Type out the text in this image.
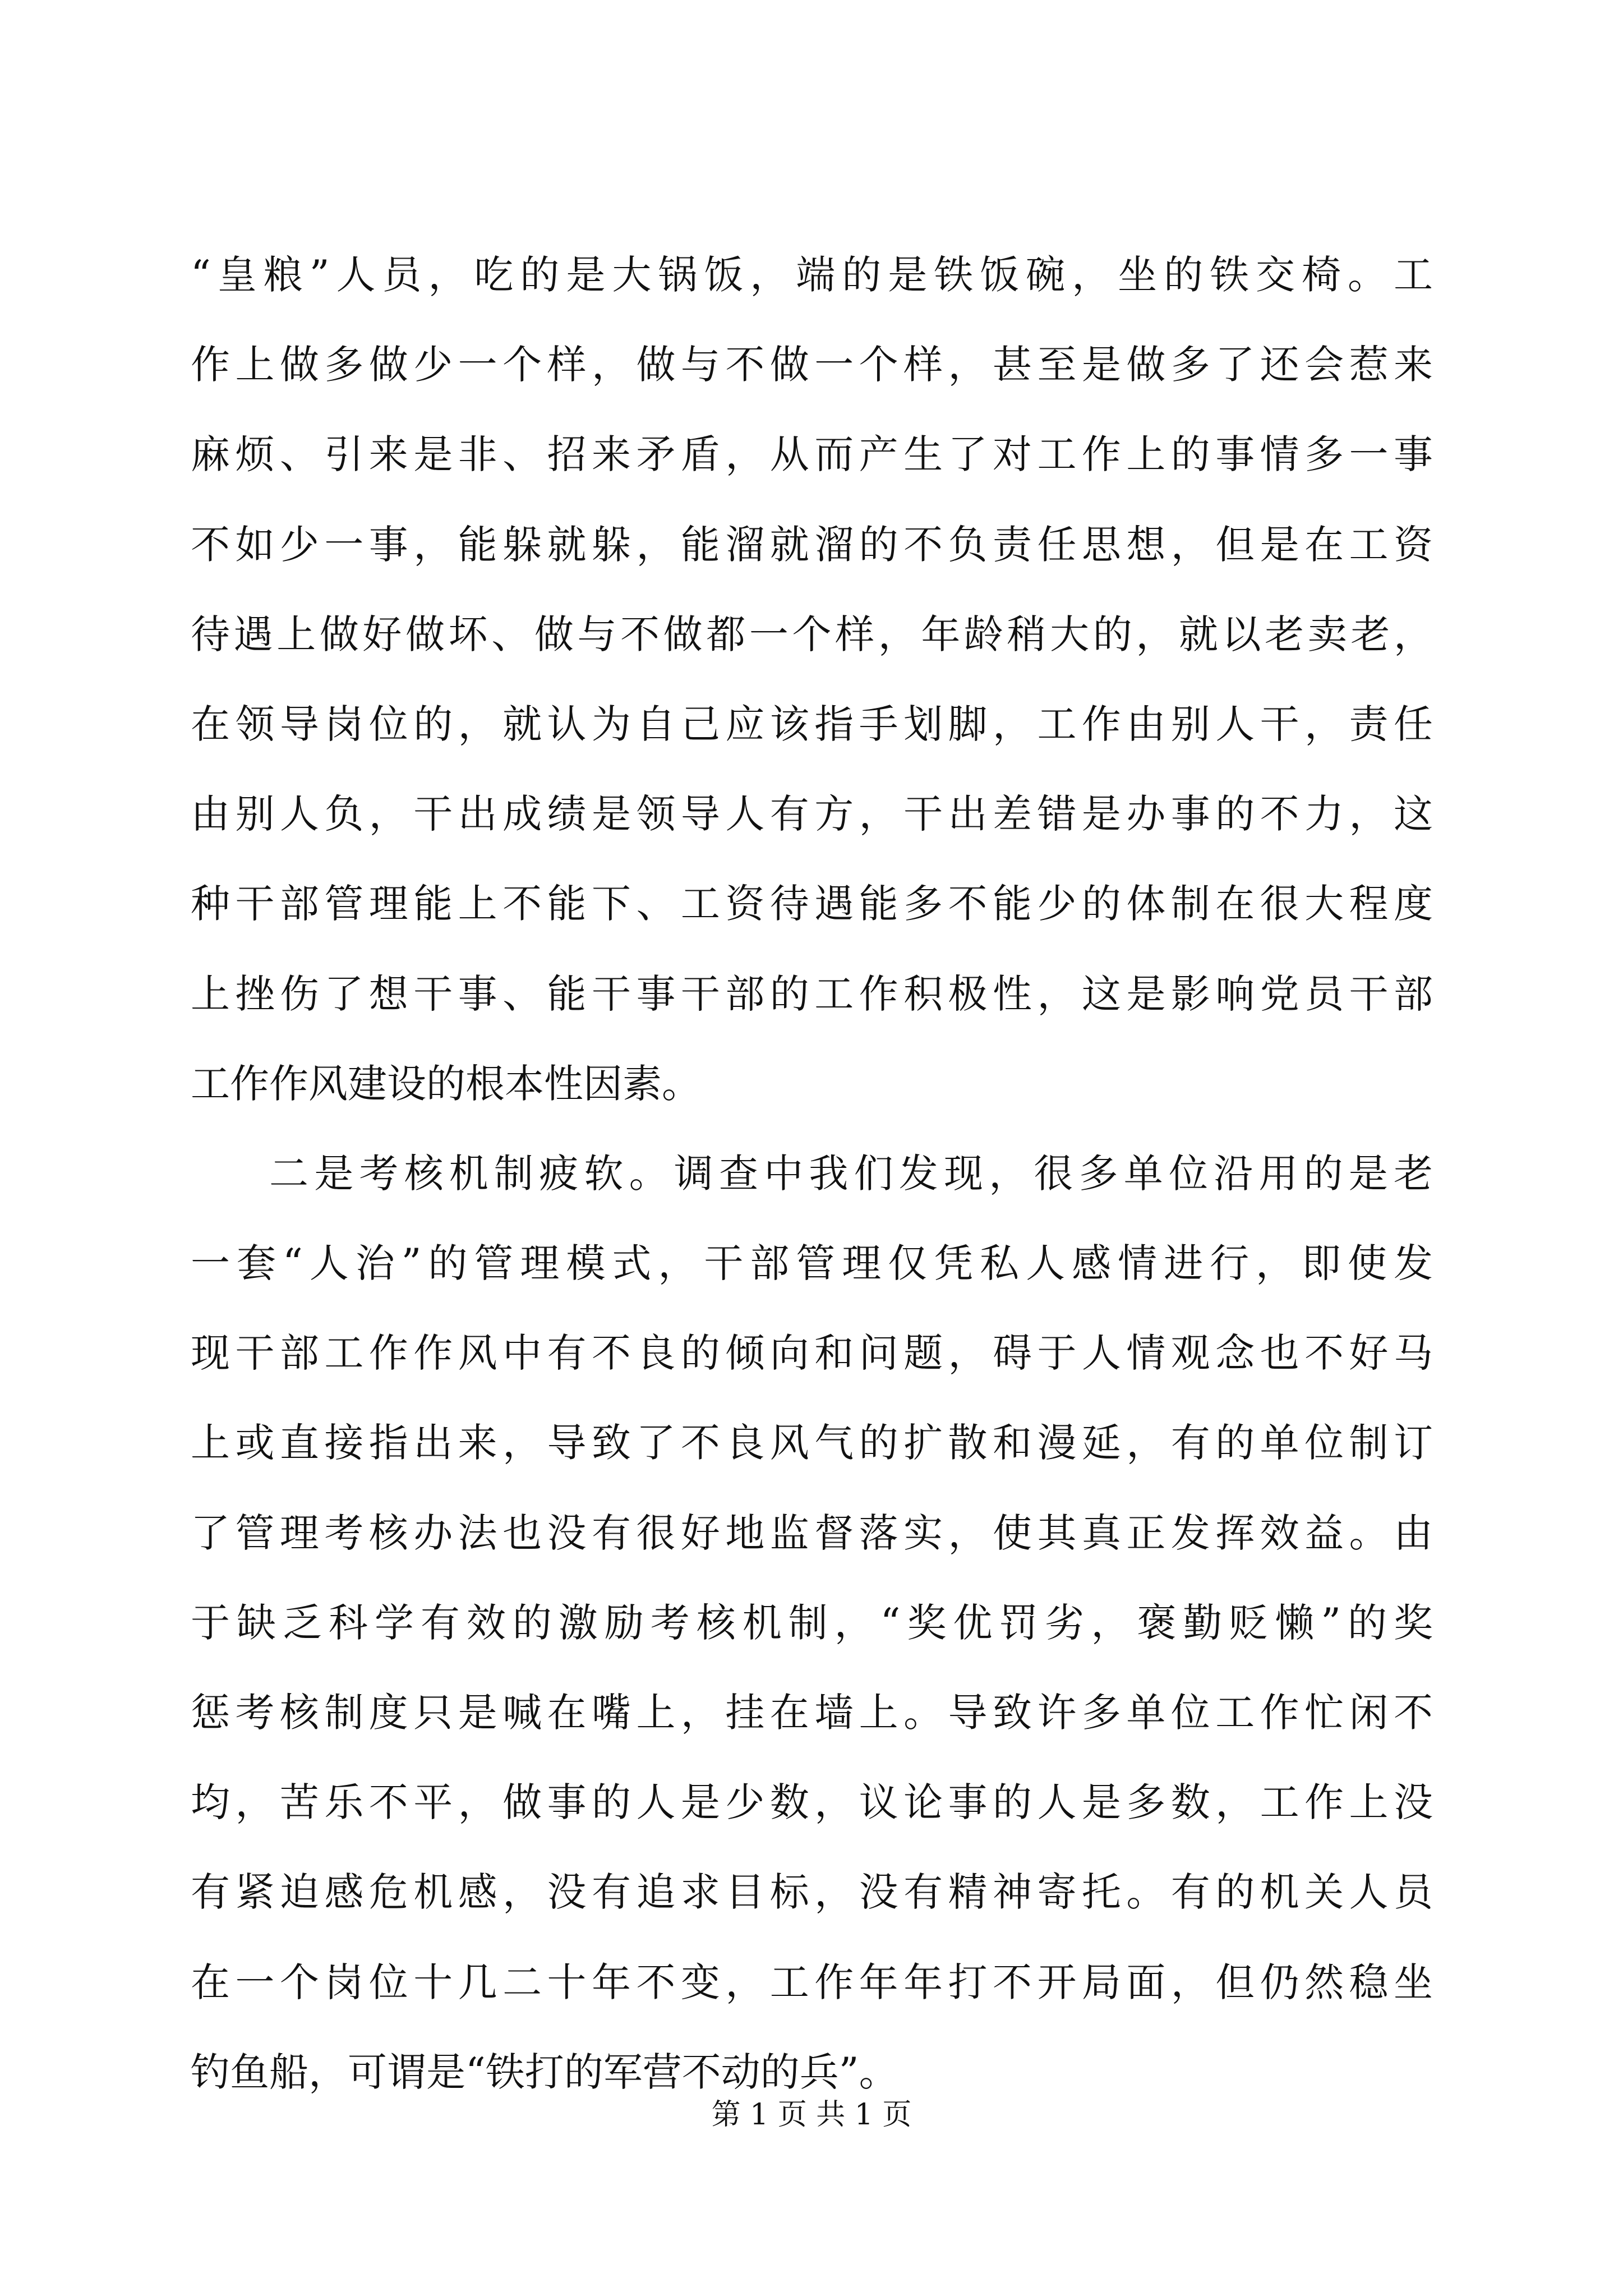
“皇粮”人员，吃的是大锅饭，端的是铁饭碗，坐的铁交椅。工
作上做多做少一个样，做与不做一个样，甚至是做多了还会惹来
麻烦、引来是非、招来矛盾，从而产生了对工作上的事情多一事
不如少一事，能躲就躲，能溜就溜的不负责任思想，但是在工资
待遇上做好做坏、做与不做都一个样，年龄稍大的，就以老卖老，
在领导岗位的，就认为自己应该指手划脚，工作由别人干，责任
由别人负，干出成绩是领导人有方，干出差错是办事的不力，这
种干部管理能上不能下、工资待遇能多不能少的体制在很大程度
上挫伤了想干事、能干事干部的工作积极性，这是影响党员干部
工作作风建设的根本性因素。
二是考核机制疲软。调查中我们发现，很多单位沿用的是老
一套“人治”的管理模式，干部管理仅凭私人感情进行，即使发
现干部工作作风中有不良的倾向和问题，碍于人情观念也不好马
上或直接指出来，导致了不良风气的扩散和漫延，有的单位制订
了管理考核办法也没有很好地监督落实，使其真正发挥效益。由
于缺乏科学有效的激励考核机制，“奖优罚劣，褒勤贬懒”的奖
惩考核制度只是喊在嘴上，挂在墙上。导致许多单位工作忙闲不
均，苦乐不平，做事的人是少数，议论事的人是多数，工作上没
有紧迫感危机感，没有追求目标，没有精神寄托。有的机关人员
在一个岗位十几二十年不变，工作年年打不开局面，但仍然稳坐
钓鱼船，可谓是“铁打的军营不动的兵”。
第 1 页 共 1 页
